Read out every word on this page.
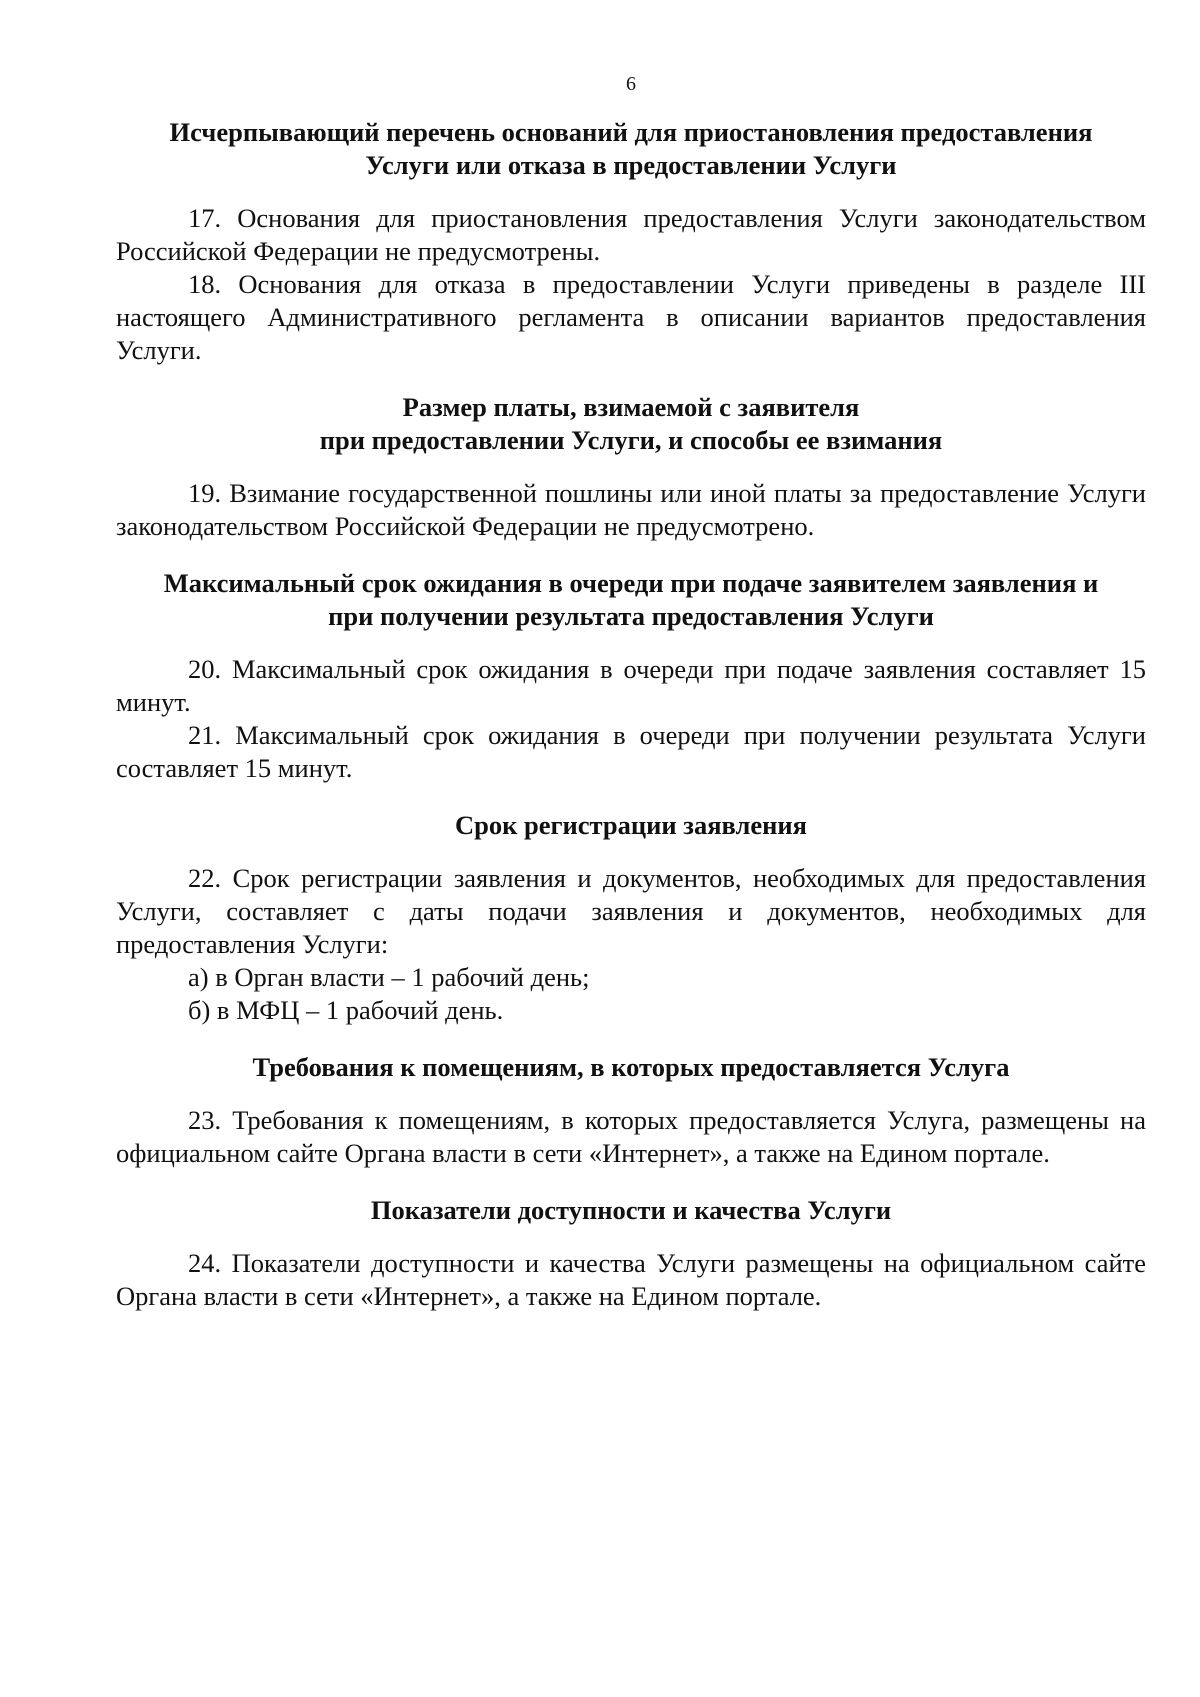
6
Исчерпывающий перечень оснований для приостановления предоставления
Услуги или отказа в предоставлении Услуги

17. Основания для приостановления предоставления Услуги законодательством Российской Федерации не предусмотрены.

18. Основания для отказа в предоставлении Услуги приведены в разделе III настоящего Административного регламента в описании вариантов предоставления Услуги.

Размер платы, взимаемой с заявителя
при предоставлении Услуги, и способы ее взимания

19. Взимание государственной пошлины или иной платы за предоставление Услуги законодательством Российской Федерации не предусмотрено.

Максимальный срок ожидания в очереди при подаче заявителем заявления и
при получении результата предоставления Услуги

20. Максимальный срок ожидания в очереди при подаче заявления составляет 15 минут.

21. Максимальный срок ожидания в очереди при получении результата Услуги составляет 15 минут.

Срок регистрации заявления

22. Срок регистрации заявления и документов, необходимых для предоставления Услуги, составляет с даты подачи заявления и документов, необходимых для предоставления Услуги:

а) в Орган власти – 1 рабочий день;

б) в МФЦ – 1 рабочий день.

Требования к помещениям, в которых предоставляется Услуга

23. Требования к помещениям, в которых предоставляется Услуга, размещены на официальном сайте Органа власти в сети «Интернет», а также на Едином портале.

Показатели доступности и качества Услуги

24. Показатели доступности и качества Услуги размещены на официальном сайте Органа власти в сети «Интернет», а также на Едином портале.
